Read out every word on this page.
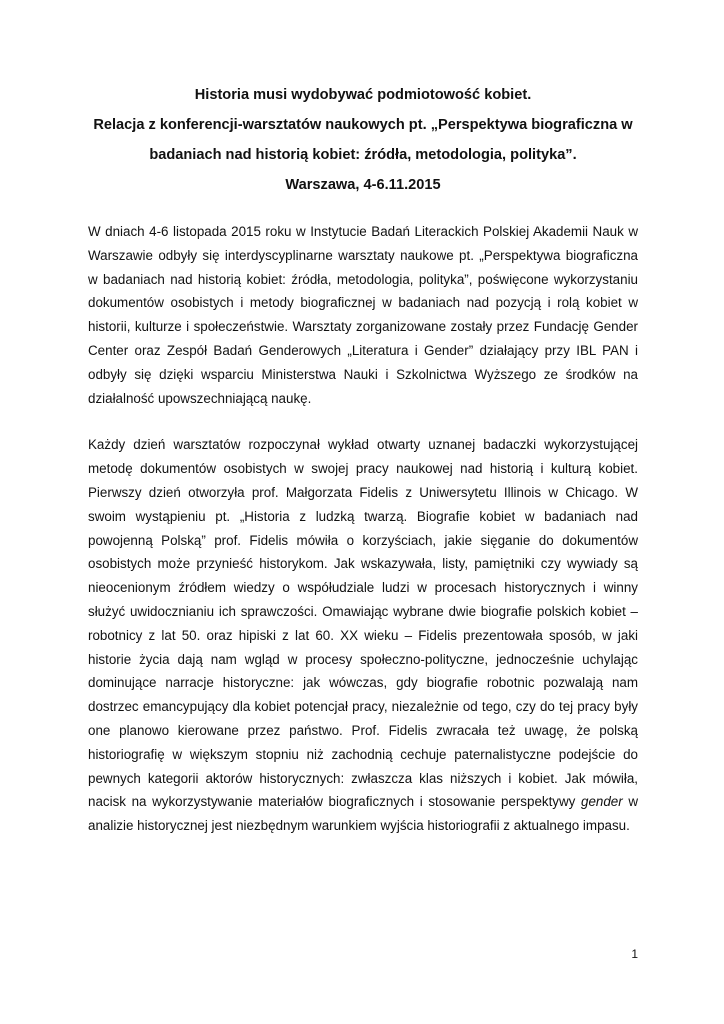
Historia musi wydobywać podmiotowość kobiet.
Relacja z konferencji-warsztatów naukowych pt. „Perspektywa biograficzna w
badaniach nad historią kobiet: źródła, metodologia, polityka”.
Warszawa, 4-6.11.2015

W dniach 4-6 listopada 2015 roku w Instytucie Badań Literackich Polskiej Akademii Nauk w Warszawie odbyły się interdyscyplinarne warsztaty naukowe pt. „Perspektywa biograficzna w badaniach nad historią kobiet: źródła, metodologia, polityka”, poświęcone wykorzystaniu dokumentów osobistych i metody biograficznej w badaniach nad pozycją i rolą kobiet w historii, kulturze i społeczeństwie. Warsztaty zorganizowane zostały przez Fundację Gender Center oraz Zespół Badań Genderowych „Literatura i Gender” działający przy IBL PAN i odbyły się dzięki wsparciu Ministerstwa Nauki i Szkolnictwa Wyższego ze środków na działalność upowszechniającą naukę.

Każdy dzień warsztatów rozpoczynał wykład otwarty uznanej badaczki wykorzystującej metodę dokumentów osobistych w swojej pracy naukowej nad historią i kulturą kobiet. Pierwszy dzień otworzyła prof. Małgorzata Fidelis z Uniwersytetu Illinois w Chicago. W swoim wystąpieniu pt. „Historia z ludzką twarzą. Biografie kobiet w badaniach nad powojenną Polską” prof. Fidelis mówiła o korzyściach, jakie sięganie do dokumentów osobistych może przynieść historykom. Jak wskazywała, listy, pamiętniki czy wywiady są nieocenionym źródłem wiedzy o współudziale ludzi w procesach historycznych i winny służyć uwidocznianiu ich sprawczości. Omawiając wybrane dwie biografie polskich kobiet – robotnicy z lat 50. oraz hipiski z lat 60. XX wieku – Fidelis prezentowała sposób, w jaki historie życia dają nam wgląd w procesy społeczno-polityczne, jednocześnie uchylając dominujące narracje historyczne: jak wówczas, gdy biografie robotnic pozwalają nam dostrzec emancypujący dla kobiet potencjał pracy, niezależnie od tego, czy do tej pracy były one planowo kierowane przez państwo. Prof. Fidelis zwracała też uwagę, że polską historiografię w większym stopniu niż zachodnią cechuje paternalistyczne podejście do pewnych kategorii aktorów historycznych: zwłaszcza klas niższych i kobiet. Jak mówiła, nacisk na wykorzystywanie materiałów biograficznych i stosowanie perspektywy gender w analizie historycznej jest niezbędnym warunkiem wyjścia historiografii z aktualnego impasu.

1
